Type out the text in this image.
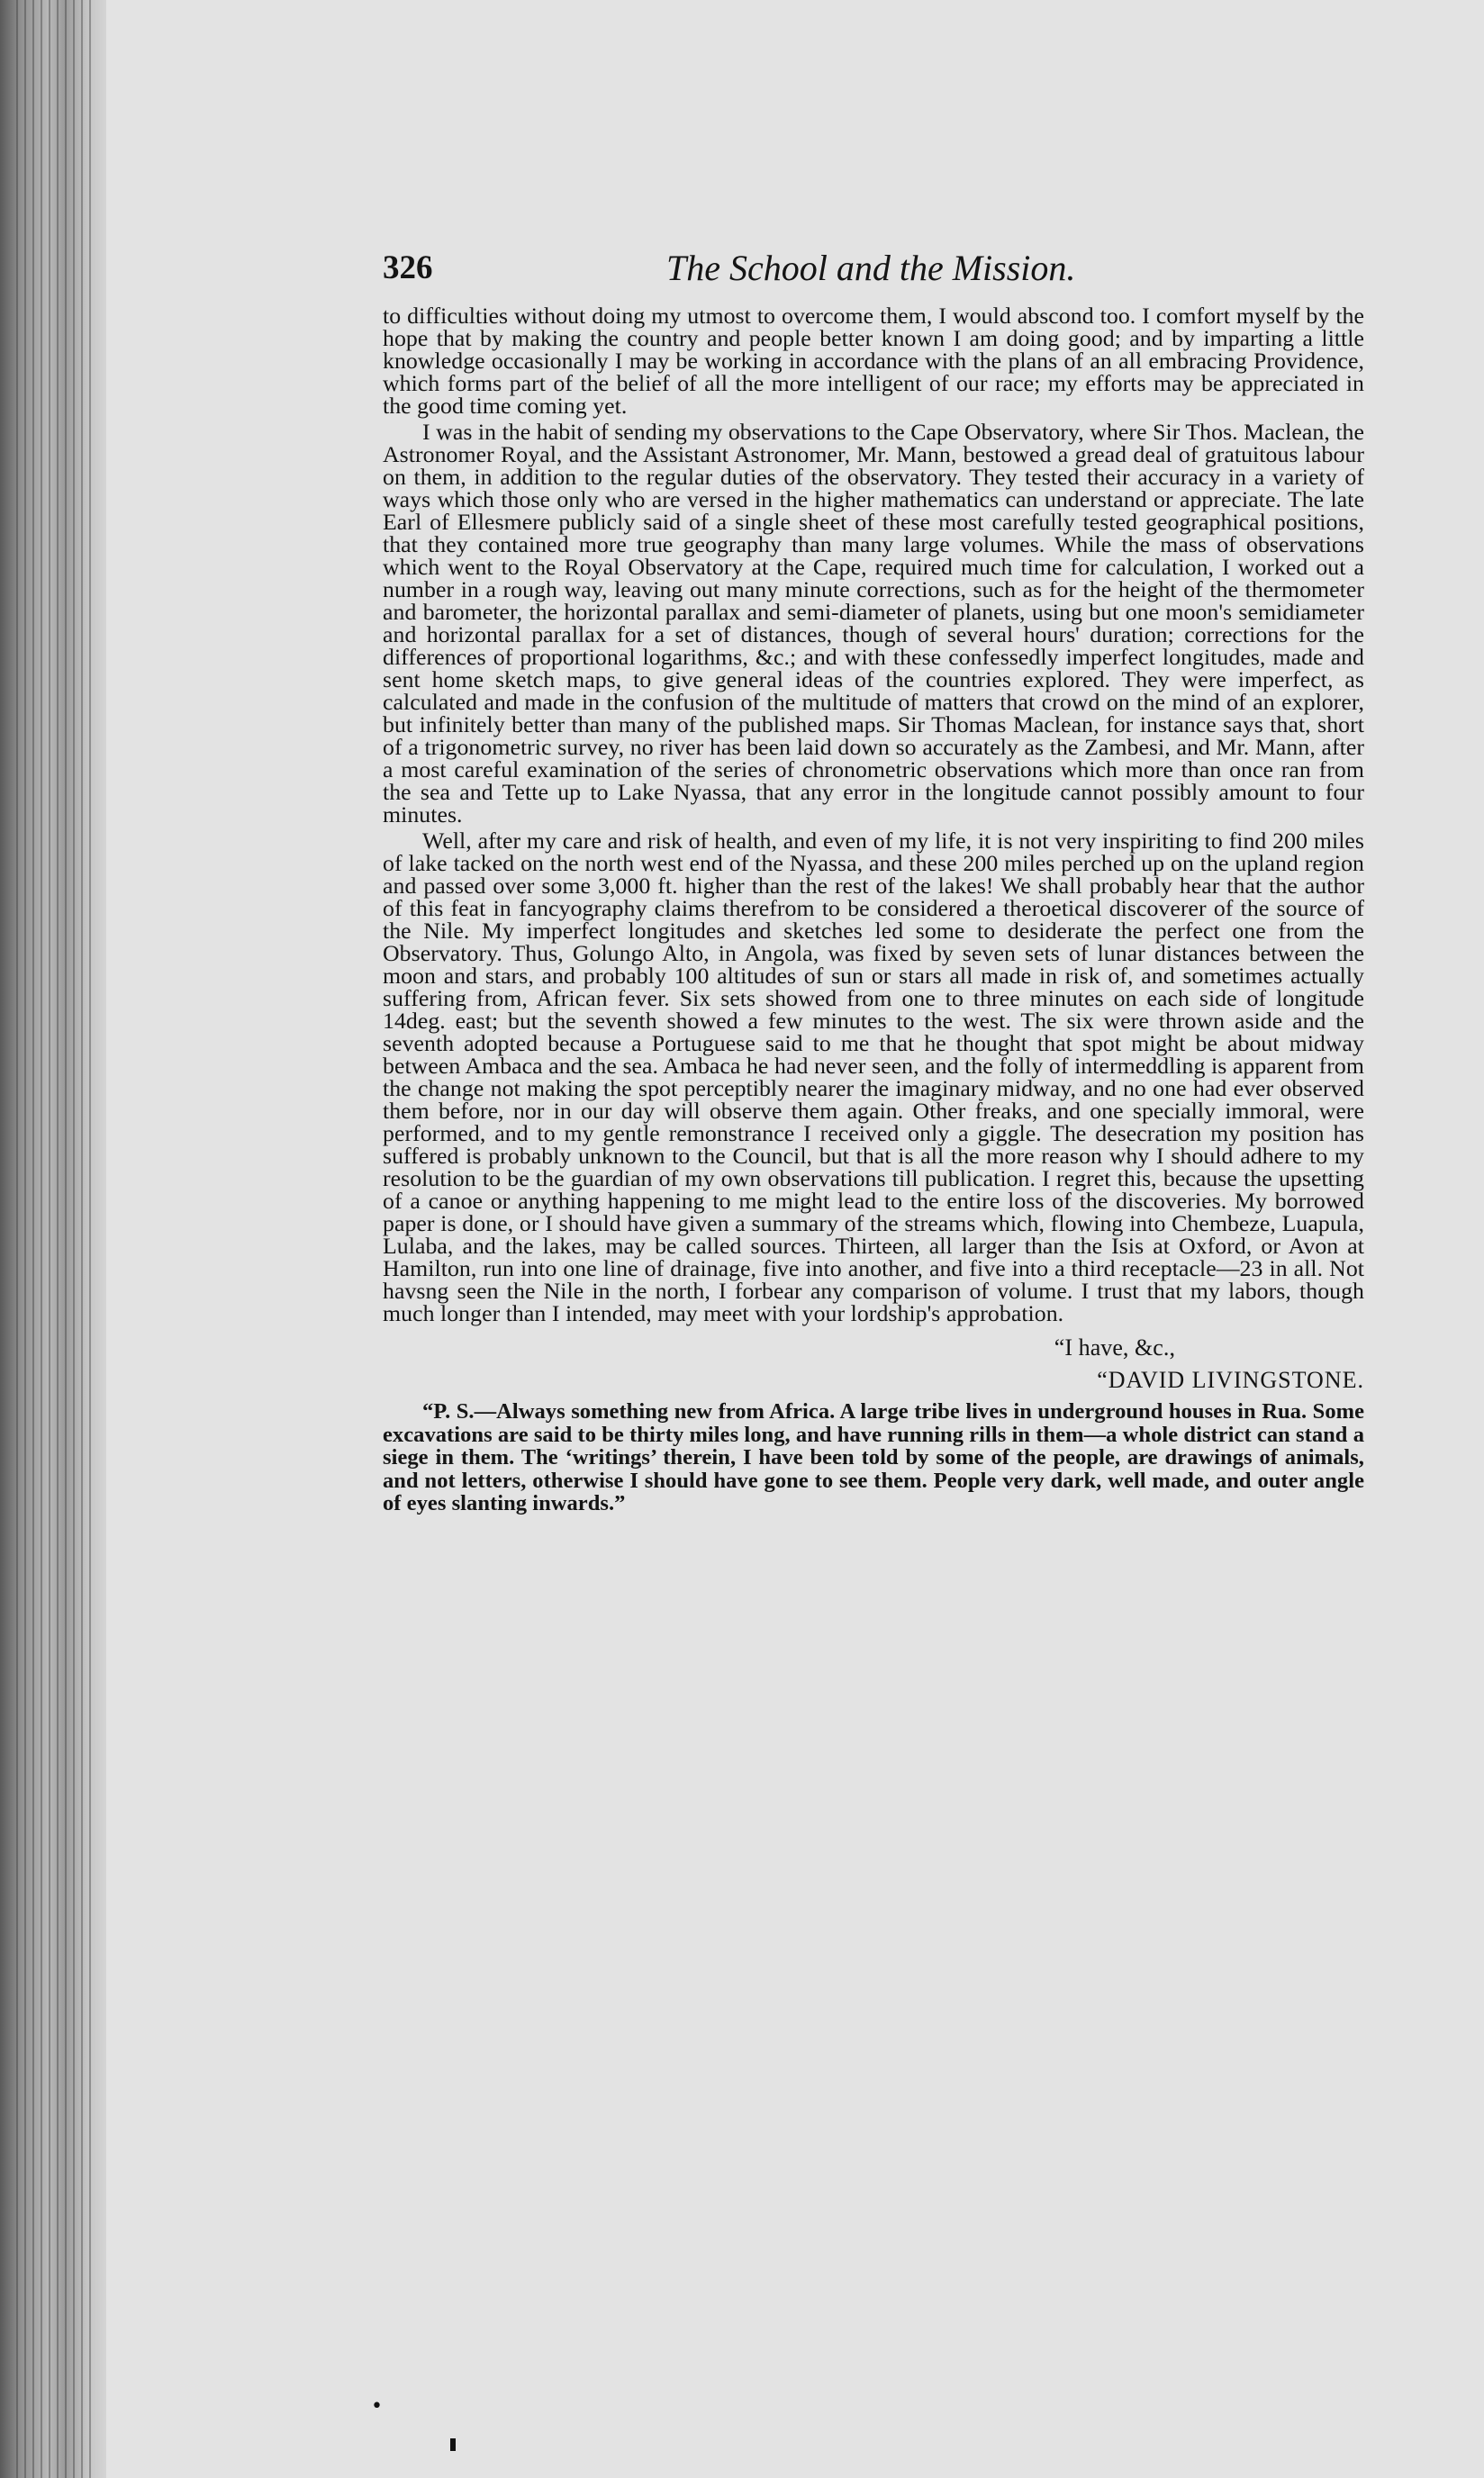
326	The School and the Mission.

to difficulties without doing my utmost to overcome them, I would abscond too. I comfort myself by the hope that by making the country and people better known I am doing good; and by imparting a little knowledge occasionally I may be working in accordance with the plans of an all embracing Providence, which forms part of the belief of all the more intelligent of our race; my efforts may be appreciated in the good time coming yet.

I was in the habit of sending my observations to the Cape Observatory, where Sir Thos. Maclean, the Astronomer Royal, and the Assistant Astronomer, Mr. Mann, bestowed a gread deal of gratuitous labour on them, in addition to the regular duties of the observatory. They tested their accuracy in a variety of ways which those only who are versed in the higher mathematics can understand or appreciate. The late Earl of Ellesmere publicly said of a single sheet of these most carefully tested geographical positions, that they contained more true geography than many large volumes. While the mass of observations which went to the Royal Observatory at the Cape, required much time for calculation, I worked out a number in a rough way, leaving out many minute corrections, such as for the height of the thermometer and barometer, the horizontal parallax and semi-diameter of planets, using but one moon's semidiameter and horizontal parallax for a set of distances, though of several hours' duration; corrections for the differences of proportional logarithms, &c.; and with these confessedly imperfect longitudes, made and sent home sketch maps, to give general ideas of the countries explored. They were imperfect, as calculated and made in the confusion of the multitude of matters that crowd on the mind of an explorer, but infinitely better than many of the published maps. Sir Thomas Maclean, for instance says that, short of a trigonometric survey, no river has been laid down so accurately as the Zambesi, and Mr. Mann, after a most careful examination of the series of chronometric observations which more than once ran from the sea and Tette up to Lake Nyassa, that any error in the longitude cannot possibly amount to four minutes.

Well, after my care and risk of health, and even of my life, it is not very inspiriting to find 200 miles of lake tacked on the north west end of the Nyassa, and these 200 miles perched up on the upland region and passed over some 3,000 ft. higher than the rest of the lakes! We shall probably hear that the author of this feat in fancyography claims therefrom to be considered a theroetical discoverer of the source of the Nile. My imperfect longitudes and sketches led some to desiderate the perfect one from the Observatory. Thus, Golungo Alto, in Angola, was fixed by seven sets of lunar distances between the moon and stars, and probably 100 altitudes of sun or stars all made in risk of, and sometimes actually suffering from, African fever. Six sets showed from one to three minutes on each side of longitude 14deg. east; but the seventh showed a few minutes to the west. The six were thrown aside and the seventh adopted because a Portuguese said to me that he thought that spot might be about midway between Ambaca and the sea. Ambaca he had never seen, and the folly of intermeddling is apparent from the change not making the spot perceptibly nearer the imaginary midway, and no one had ever observed them before, nor in our day will observe them again. Other freaks, and one specially immoral, were performed, and to my gentle remonstrance I received only a giggle. The desecration my position has suffered is probably unknown to the Council, but that is all the more reason why I should adhere to my resolution to be the guardian of my own observations till publication. I regret this, because the upsetting of a canoe or anything happening to me might lead to the entire loss of the discoveries. My borrowed paper is done, or I should have given a summary of the streams which, flowing into Chembeze, Luapula, Lulaba, and the lakes, may be called sources. Thirteen, all larger than the Isis at Oxford, or Avon at Hamilton, run into one line of drainage, five into another, and five into a third receptacle—23 in all. Not havsng seen the Nile in the north, I forbear any comparison of volume. I trust that my labors, though much longer than I intended, may meet with your lordship's approbation.

“I have, &c.,
“DAVID LIVINGSTONE.

“P. S.—Always something new from Africa. A large tribe lives in underground houses in Rua. Some excavations are said to be thirty miles long, and have running rills in them—a whole district can stand a siege in them. The ‘writings’ therein, I have been told by some of the people, are drawings of animals, and not letters, otherwise I should have gone to see them. People very dark, well made, and outer angle of eyes slanting inwards.”

•
